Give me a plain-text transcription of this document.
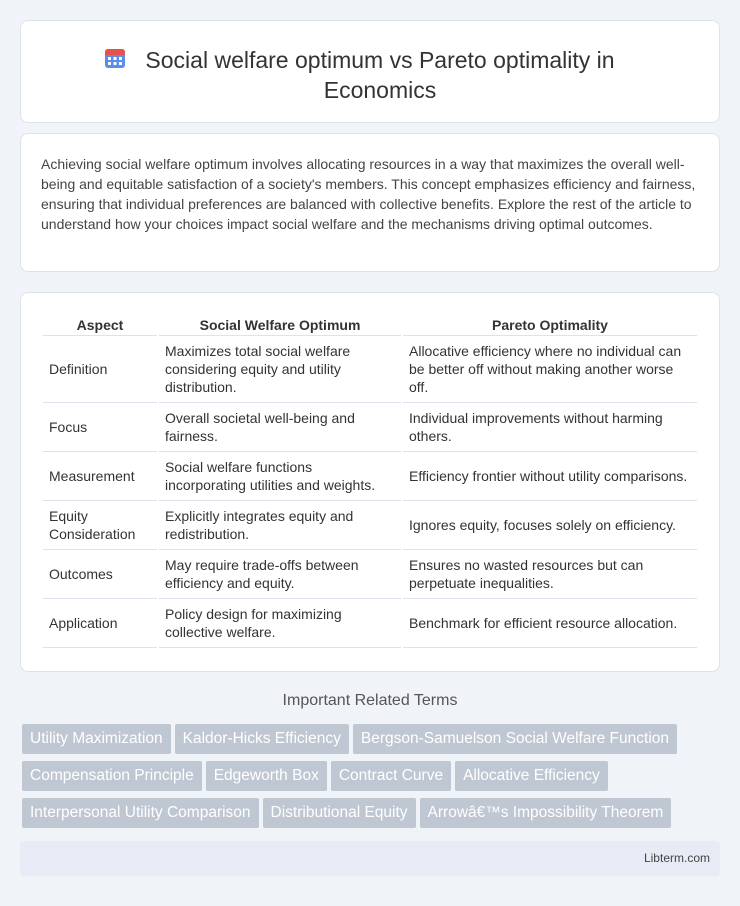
Social welfare optimum vs Pareto optimality in Economics

Achieving social welfare optimum involves allocating resources in a way that maximizes the overall well-being and equitable satisfaction of a society's members. This concept emphasizes efficiency and fairness, ensuring that individual preferences are balanced with collective benefits. Explore the rest of the article to understand how your choices impact social welfare and the mechanisms driving optimal outcomes.

Aspect	Social Welfare Optimum	Pareto Optimality
Definition	Maximizes total social welfare considering equity and utility distribution.	Allocative efficiency where no individual can be better off without making another worse off.
Focus	Overall societal well-being and fairness.	Individual improvements without harming others.
Measurement	Social welfare functions incorporating utilities and weights.	Efficiency frontier without utility comparisons.
Equity Consideration	Explicitly integrates equity and redistribution.	Ignores equity, focuses solely on efficiency.
Outcomes	May require trade-offs between efficiency and equity.	Ensures no wasted resources but can perpetuate inequalities.
Application	Policy design for maximizing collective welfare.	Benchmark for efficient resource allocation.
Important Related Terms
Utility Maximization Kaldor-Hicks Efficiency Bergson-Samuelson Social Welfare Function
Compensation Principle Edgeworth Box Contract Curve Allocative Efficiency
Interpersonal Utility Comparison Distributional Equity Arrowâ€™s Impossibility Theorem
Libterm.com
